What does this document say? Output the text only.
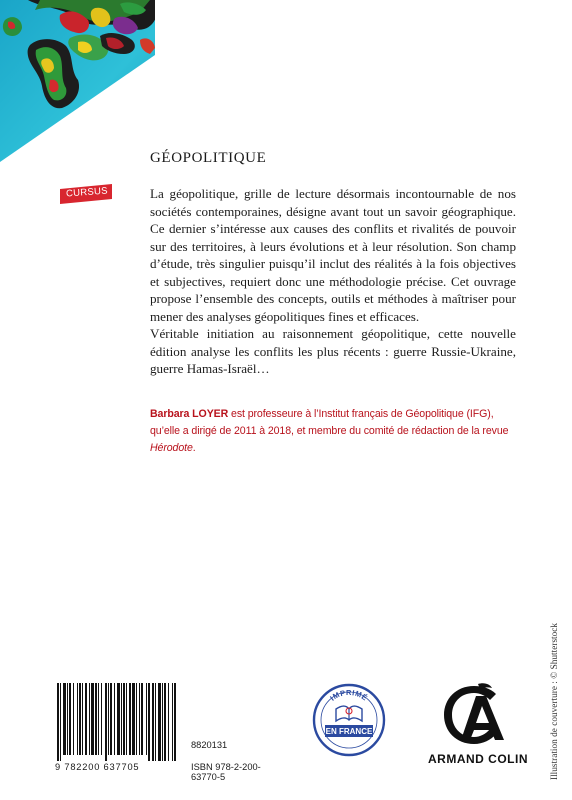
CURSUS
GÉOPOLITIQUE

La géopolitique, grille de lecture désormais incontournable de nos sociétés contemporaines, désigne avant tout un savoir géographique. Ce dernier s’intéresse aux causes des conflits et rivalités de pouvoir sur des territoires, à leurs évolutions et à leur résolution. Son champ d’étude, très singulier puisqu’il inclut des réalités à la fois objectives et subjectives, requiert donc une méthodologie précise. Cet ouvrage propose l’ensemble des concepts, outils et méthodes à maîtriser pour mener des analyses géopolitiques fines et efficaces.

Véritable initiation au raisonnement géopolitique, cette nouvelle édition analyse les conflits les plus récents : guerre Russie-Ukraine, guerre Hamas-Israël…

Barbara LOYER est professeure à l’Institut français de Géopolitique (IFG), qu’elle a dirigé de 2011 à 2018, et membre du comité de rédaction de la revue Hérodote.
Illustration de couverture : © Shutterstock
9 782200 637705
8820131
ISBN 978-2-200-63770-5
IMPRIMÉ
EN FRANCE
ARMAND COLIN
